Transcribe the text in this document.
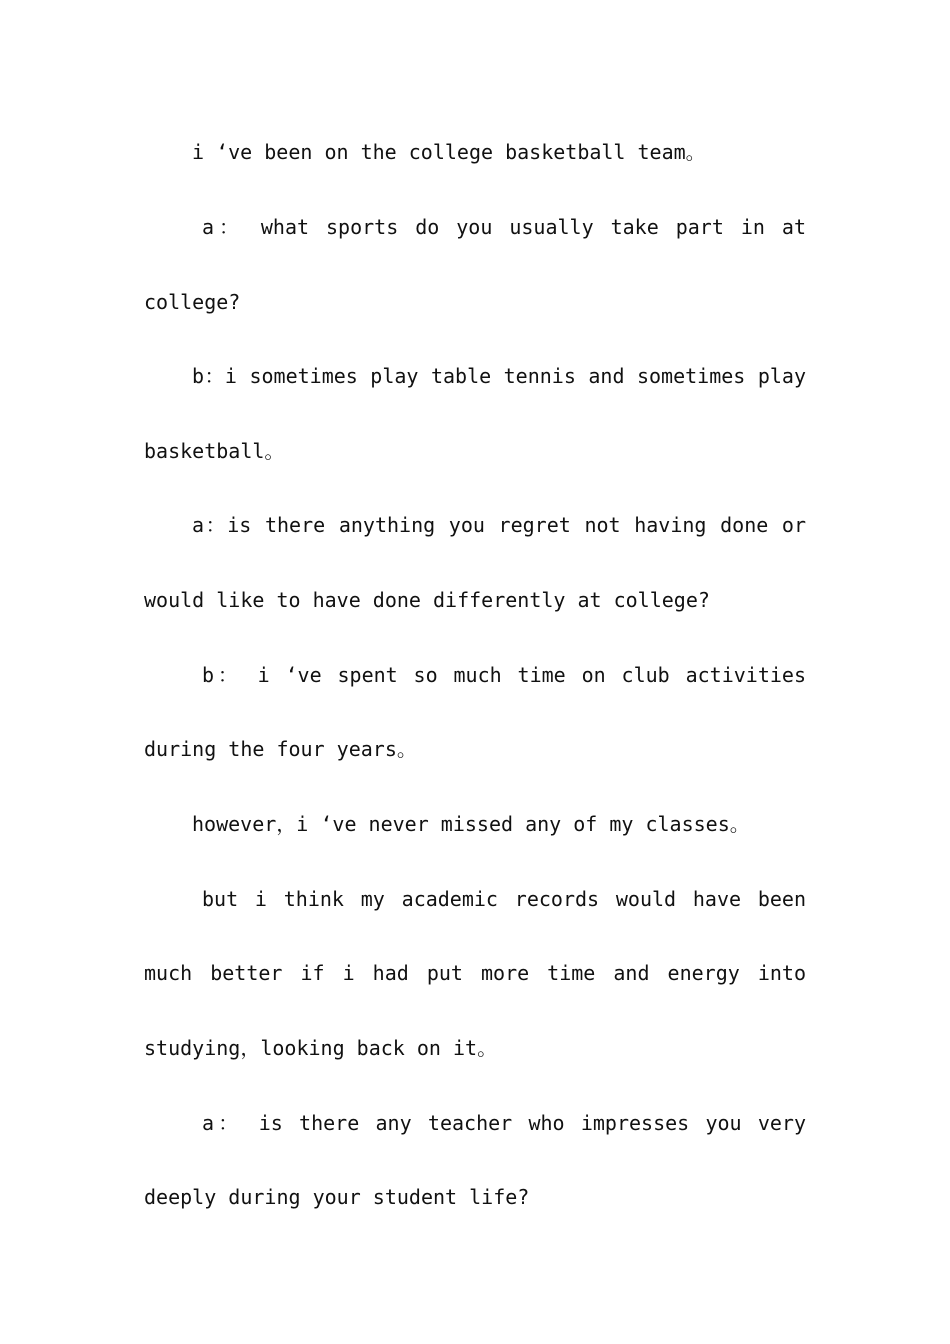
i ‘ve been on the college basketball team。
a： what sports do you usually take part in at
college?
b：i sometimes play table tennis and sometimes play
basketball。
a：is there anything you regret not having done or
would like to have done differently at college?
b： i ‘ve spent so much time on club activities
during the four years。
however，i ‘ve never missed any of my classes。
but i think my academic records would have been
much better if i had put more time and energy into
studying，looking back on it。
a： is there any teacher who impresses you very
deeply during your student life?
